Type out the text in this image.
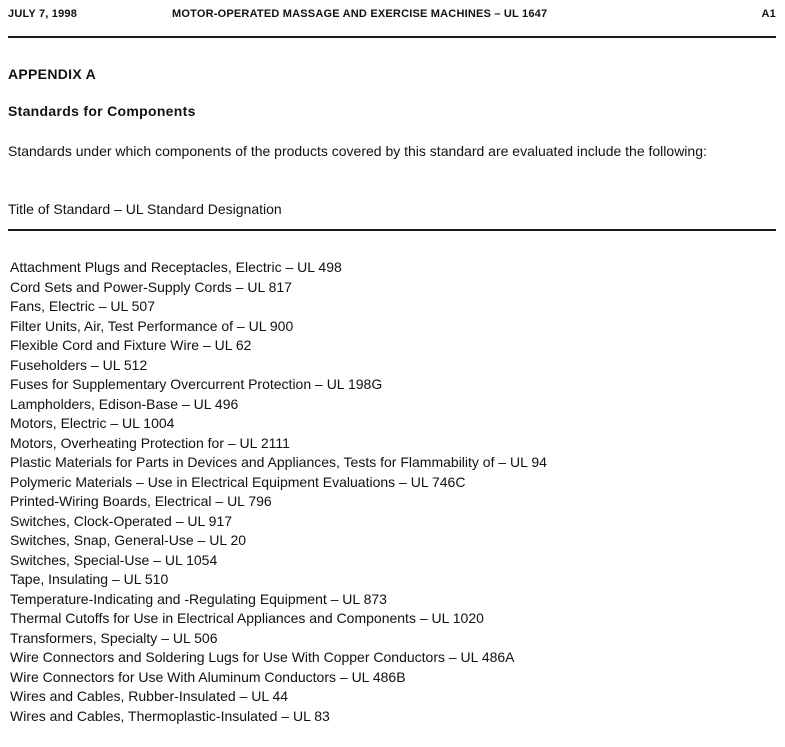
JULY 7, 1998	MOTOR-OPERATED MASSAGE AND EXERCISE MACHINES – UL 1647	A1
APPENDIX A
Standards for Components

Standards under which components of the products covered by this standard are evaluated include the following:

Title of Standard – UL Standard Designation
Attachment Plugs and Receptacles, Electric – UL 498
Cord Sets and Power-Supply Cords – UL 817
Fans, Electric – UL 507
Filter Units, Air, Test Performance of – UL 900
Flexible Cord and Fixture Wire – UL 62
Fuseholders – UL 512
Fuses for Supplementary Overcurrent Protection – UL 198G
Lampholders, Edison-Base – UL 496
Motors, Electric – UL 1004
Motors, Overheating Protection for – UL 2111
Plastic Materials for Parts in Devices and Appliances, Tests for Flammability of – UL 94
Polymeric Materials – Use in Electrical Equipment Evaluations – UL 746C
Printed-Wiring Boards, Electrical – UL 796
Switches, Clock-Operated – UL 917
Switches, Snap, General-Use – UL 20
Switches, Special-Use – UL 1054
Tape, Insulating – UL 510
Temperature-Indicating and -Regulating Equipment – UL 873
Thermal Cutoffs for Use in Electrical Appliances and Components – UL 1020
Transformers, Specialty – UL 506
Wire Connectors and Soldering Lugs for Use With Copper Conductors – UL 486A
Wire Connectors for Use With Aluminum Conductors – UL 486B
Wires and Cables, Rubber-Insulated – UL 44
Wires and Cables, Thermoplastic-Insulated – UL 83
